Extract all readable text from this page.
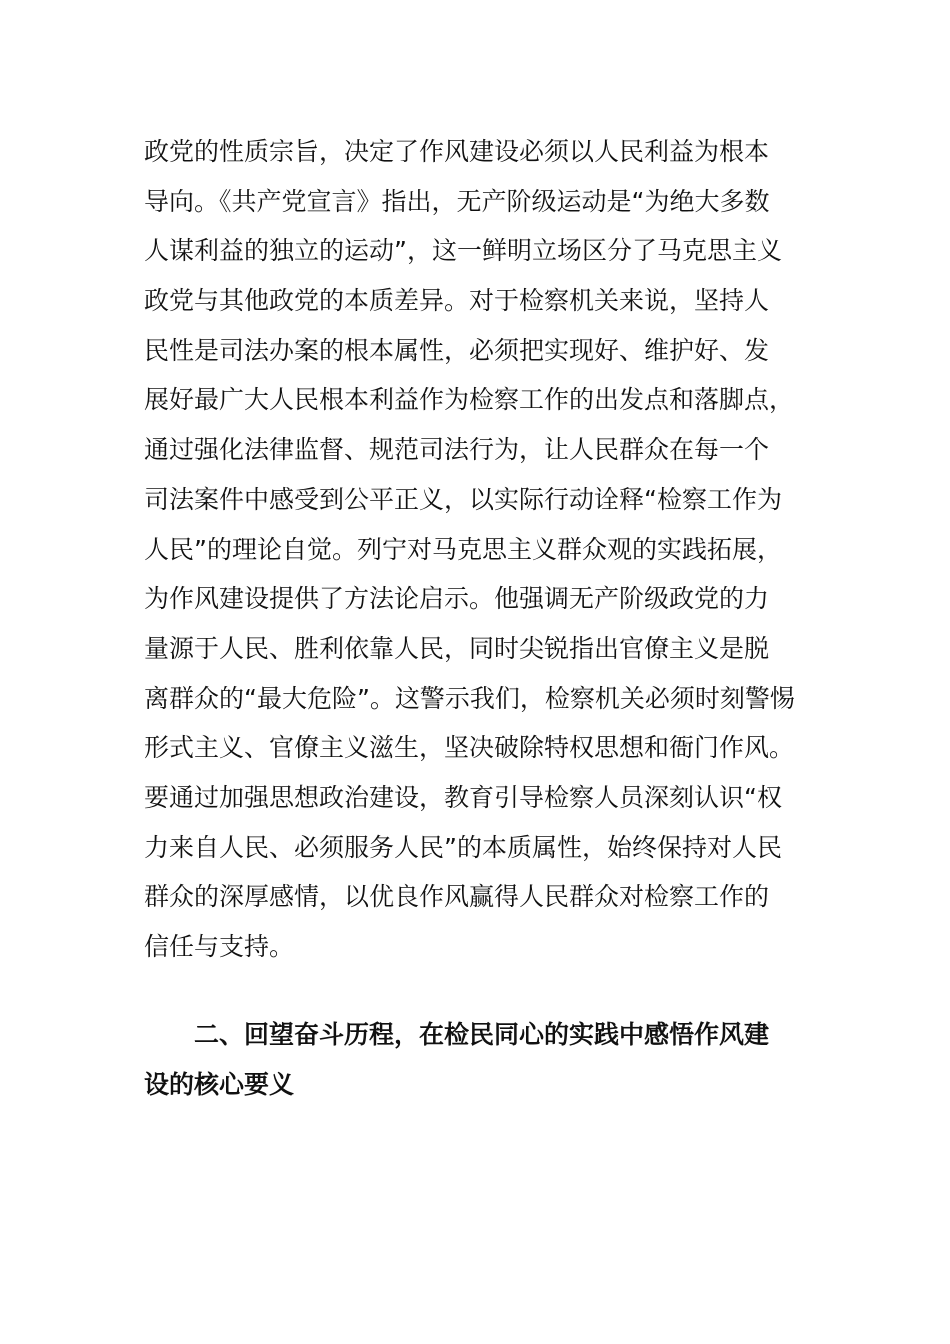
政党的性质宗旨，决定了作风建设必须以人民利益为根本
导向。《共产党宣言》指出，无产阶级运动是“为绝大多数
人谋利益的独立的运动”，这一鲜明立场区分了马克思主义
政党与其他政党的本质差异。对于检察机关来说，坚持人
民性是司法办案的根本属性，必须把实现好、维护好、发
展好最广大人民根本利益作为检察工作的出发点和落脚点，
通过强化法律监督、规范司法行为，让人民群众在每一个
司法案件中感受到公平正义，以实际行动诠释“检察工作为
人民”的理论自觉。列宁对马克思主义群众观的实践拓展，
为作风建设提供了方法论启示。他强调无产阶级政党的力
量源于人民、胜利依靠人民，同时尖锐指出官僚主义是脱
离群众的“最大危险”。这警示我们，检察机关必须时刻警惕
形式主义、官僚主义滋生，坚决破除特权思想和衙门作风。
要通过加强思想政治建设，教育引导检察人员深刻认识“权
力来自人民、必须服务人民”的本质属性，始终保持对人民
群众的深厚感情，以优良作风赢得人民群众对检察工作的
信任与支持。
二、回望奋斗历程，在检民同心的实践中感悟作风建
设的核心要义
